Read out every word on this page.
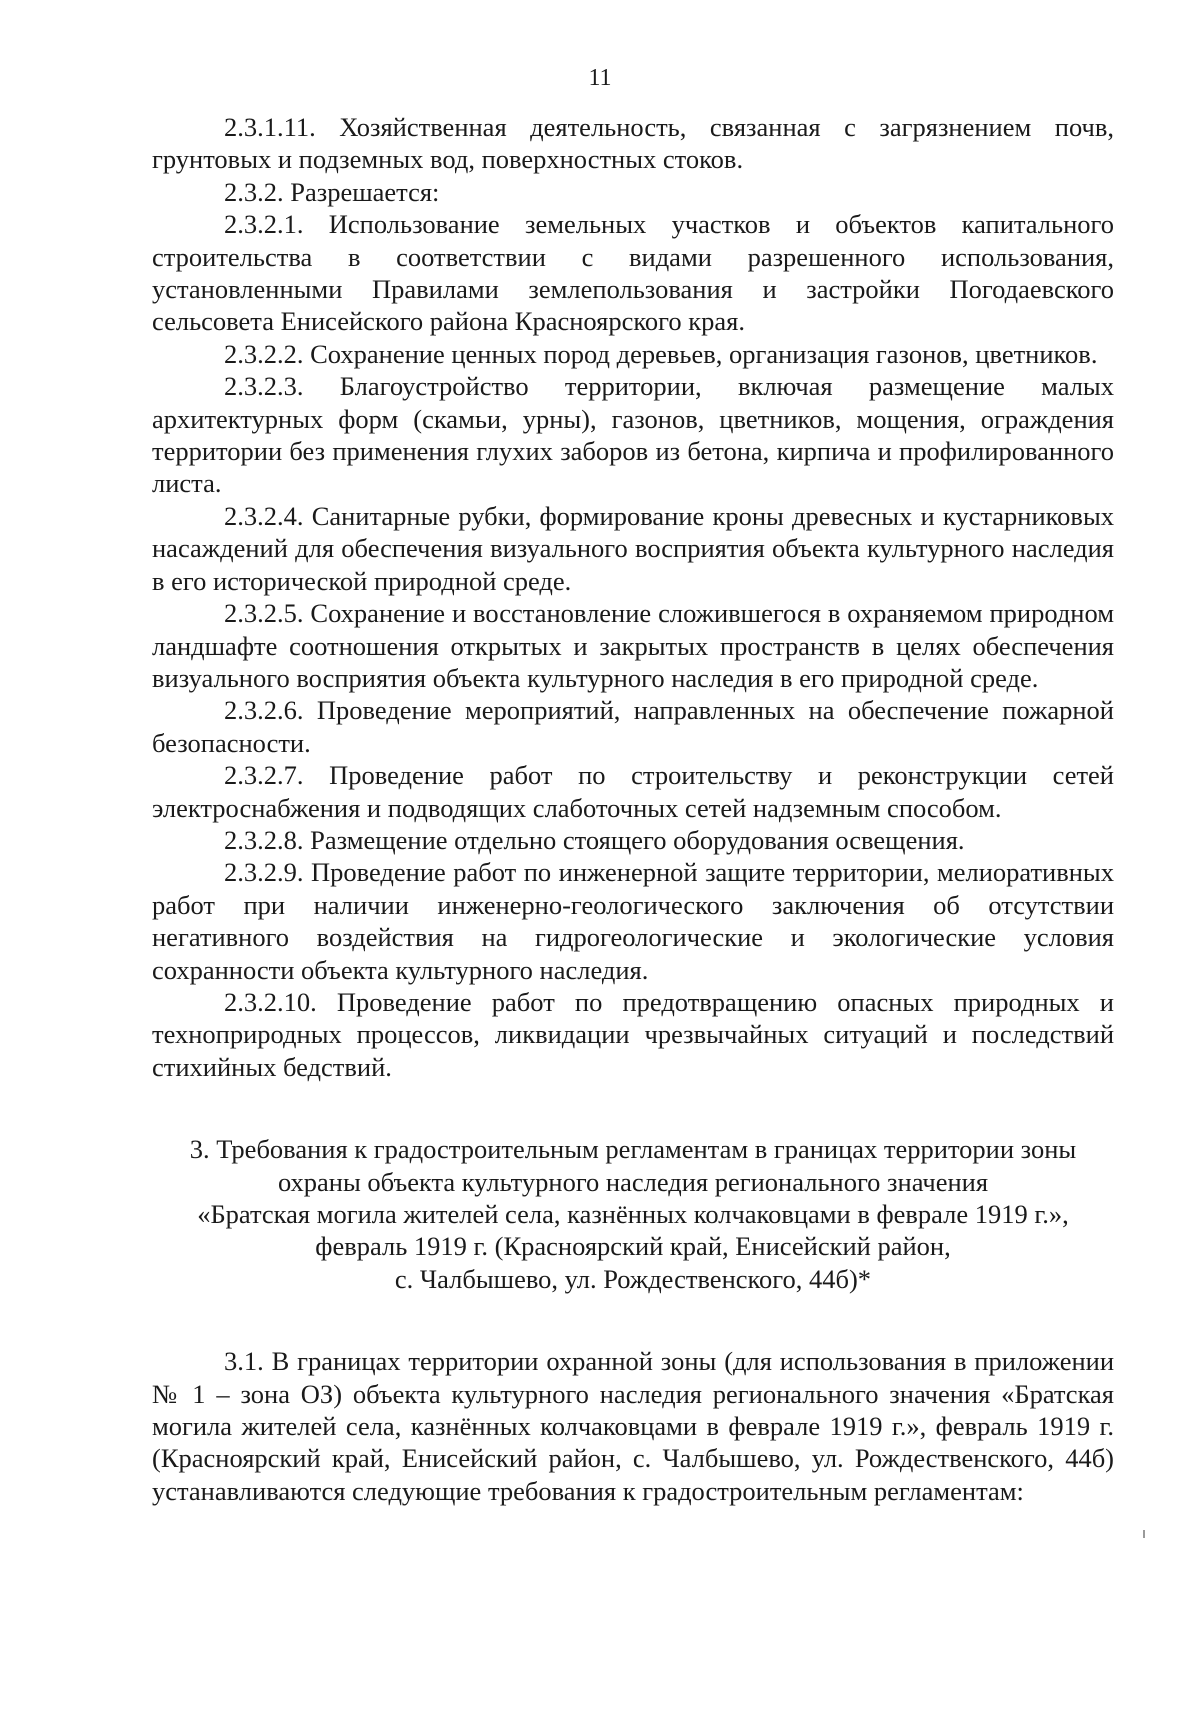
11

2.3.1.11. Хозяйственная деятельность, связанная с загрязнением почв, грунтовых и подземных вод, поверхностных стоков.

2.3.2. Разрешается:

2.3.2.1. Использование земельных участков и объектов капитального строительства в соответствии с видами разрешенного использования, установленными Правилами землепользования и застройки Погодаевского сельсовета Енисейского района Красноярского края.

2.3.2.2. Сохранение ценных пород деревьев, организация газонов, цветников.

2.3.2.3. Благоустройство территории, включая размещение малых архитектурных форм (скамьи, урны), газонов, цветников, мощения, ограждения территории без применения глухих заборов из бетона, кирпича и профилированного листа.

2.3.2.4. Санитарные рубки, формирование кроны древесных и кустарниковых насаждений для обеспечения визуального восприятия объекта культурного наследия в его исторической природной среде.

2.3.2.5. Сохранение и восстановление сложившегося в охраняемом природном ландшафте соотношения открытых и закрытых пространств в целях обеспечения визуального восприятия объекта культурного наследия в его природной среде.

2.3.2.6. Проведение мероприятий, направленных на обеспечение пожарной безопасности.

2.3.2.7. Проведение работ по строительству и реконструкции сетей электроснабжения и подводящих слаботочных сетей надземным способом.

2.3.2.8. Размещение отдельно стоящего оборудования освещения.

2.3.2.9. Проведение работ по инженерной защите территории, мелиоративных работ при наличии инженерно-геологического заключения об отсутствии негативного воздействия на гидрогеологические и экологические условия сохранности объекта культурного наследия.

2.3.2.10. Проведение работ по предотвращению опасных природных и техноприродных процессов, ликвидации чрезвычайных ситуаций и последствий стихийных бедствий.

3. Требования к градостроительным регламентам в границах территории зоны
охраны объекта культурного наследия регионального значения
«Братская могила жителей села, казнённых колчаковцами в феврале 1919 г.»,
февраль 1919 г. (Красноярский край, Енисейский район,
с. Чалбышево, ул. Рождественского, 44б)*

3.1. В границах территории охранной зоны (для использования в приложении № 1 – зона ОЗ) объекта культурного наследия регионального значения «Братская могила жителей села, казнённых колчаковцами в феврале 1919 г.», февраль 1919 г. (Красноярский край, Енисейский район, с. Чалбышево, ул. Рождественского, 44б) устанавливаются следующие требования к градостроительным регламентам:
